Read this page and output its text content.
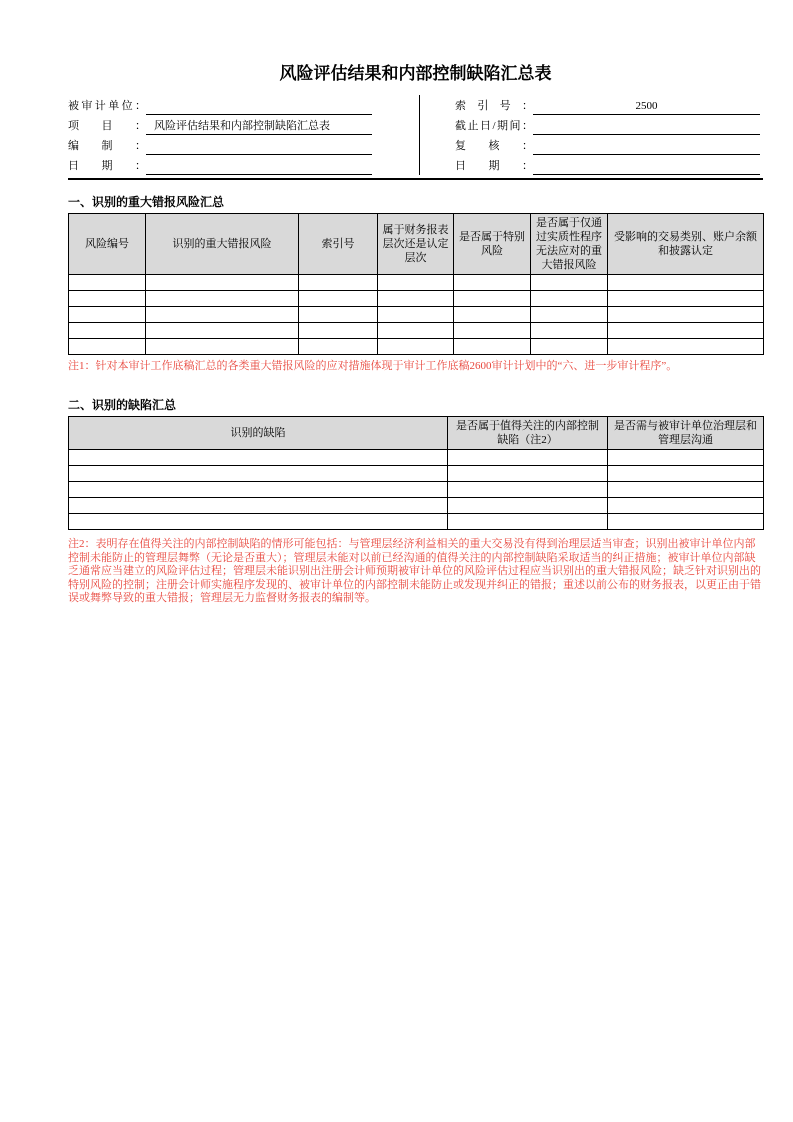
风险评估结果和内部控制缺陷汇总表
被审计单位：
项目： 风险评估结果和内部控制缺陷汇总表
编制：
日期：
索引号：	2500
截止日/期间：
复核：
日期：
一、识别的重大错报风险汇总
风险编号	识别的重大错报风险	索引号	属于财务报表层次还是认定层次	是否属于特别风险	是否属于仅通过实质性程序无法应对的重大错报风险	受影响的交易类别、账户余额和披露认定

注1：针对本审计工作底稿汇总的各类重大错报风险的应对措施体现于审计工作底稿2600审计计划中的“六、进一步审计程序”。

二、识别的缺陷汇总
识别的缺陷	是否属于值得关注的内部控制缺陷（注2）	是否需与被审计单位治理层和管理层沟通

注2：表明存在值得关注的内部控制缺陷的情形可能包括：与管理层经济利益相关的重大交易没有得到治理层适当审查；识别出被审计单位内部控制未能防止的管理层舞弊（无论是否重大）；管理层未能对以前已经沟通的值得关注的内部控制缺陷采取适当的纠正措施；被审计单位内部缺乏通常应当建立的风险评估过程；管理层未能识别出注册会计师预期被审计单位的风险评估过程应当识别出的重大错报风险；缺乏针对识别出的特别风险的控制；注册会计师实施程序发现的、被审计单位的内部控制未能防止或发现并纠正的错报；重述以前公布的财务报表，以更正由于错误或舞弊导致的重大错报；管理层无力监督财务报表的编制等。
